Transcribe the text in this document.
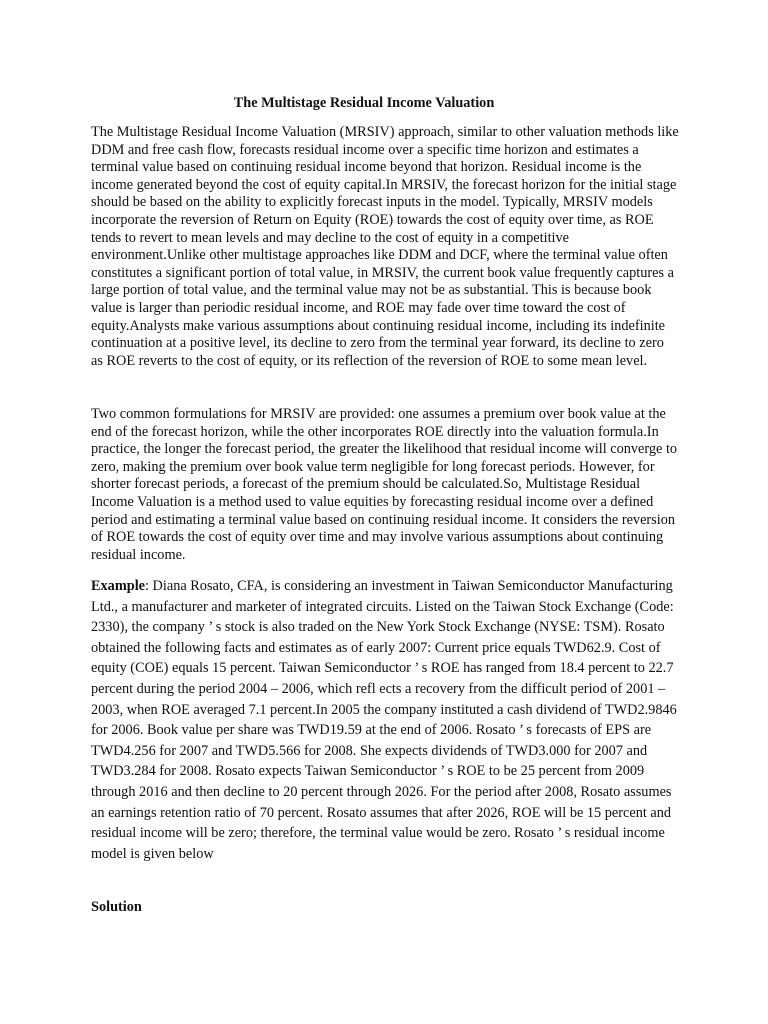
The Multistage Residual Income Valuation

The Multistage Residual Income Valuation (MRSIV) approach, similar to other valuation methods like DDM and free cash flow, forecasts residual income over a specific time horizon and estimates a terminal value based on continuing residual income beyond that horizon. Residual income is the income generated beyond the cost of equity capital.In MRSIV, the forecast horizon for the initial stage should be based on the ability to explicitly forecast inputs in the model. Typically, MRSIV models incorporate the reversion of Return on Equity (ROE) towards the cost of equity over time, as ROE tends to revert to mean levels and may decline to the cost of equity in a competitive environment.Unlike other multistage approaches like DDM and DCF, where the terminal value often constitutes a significant portion of total value, in MRSIV, the current book value frequently captures a large portion of total value, and the terminal value may not be as substantial. This is because book value is larger than periodic residual income, and ROE may fade over time toward the cost of equity.Analysts make various assumptions about continuing residual income, including its indefinite continuation at a positive level, its decline to zero from the terminal year forward, its decline to zero as ROE reverts to the cost of equity, or its reflection of the reversion of ROE to some mean level.

Two common formulations for MRSIV are provided: one assumes a premium over book value at the end of the forecast horizon, while the other incorporates ROE directly into the valuation formula.In practice, the longer the forecast period, the greater the likelihood that residual income will converge to zero, making the premium over book value term negligible for long forecast periods. However, for shorter forecast periods, a forecast of the premium should be calculated.So, Multistage Residual Income Valuation is a method used to value equities by forecasting residual income over a defined period and estimating a terminal value based on continuing residual income. It considers the reversion of ROE towards the cost of equity over time and may involve various assumptions about continuing residual income.

Example: Diana Rosato, CFA, is considering an investment in Taiwan Semiconductor Manufacturing Ltd., a manufacturer and marketer of integrated circuits. Listed on the Taiwan Stock Exchange (Code: 2330), the company ’ s stock is also traded on the New York Stock Exchange (NYSE: TSM). Rosato obtained the following facts and estimates as of early 2007: Current price equals TWD62.9. Cost of equity (COE) equals 15 percent. Taiwan Semiconductor ’ s ROE has ranged from 18.4 percent to 22.7 percent during the period 2004 – 2006, which refl ects a recovery from the difficult period of 2001 – 2003, when ROE averaged 7.1 percent.In 2005 the company instituted a cash dividend of TWD2.9846 for 2006. Book value per share was TWD19.59 at the end of 2006. Rosato ’ s forecasts of EPS are TWD4.256 for 2007 and TWD5.566 for 2008. She expects dividends of TWD3.000 for 2007 and TWD3.284 for 2008. Rosato expects Taiwan Semiconductor ’ s ROE to be 25 percent from 2009 through 2016 and then decline to 20 percent through 2026. For the period after 2008, Rosato assumes an earnings retention ratio of 70 percent. Rosato assumes that after 2026, ROE will be 15 percent and residual income will be zero; therefore, the terminal value would be zero. Rosato ’ s residual income model is given below

Solution
